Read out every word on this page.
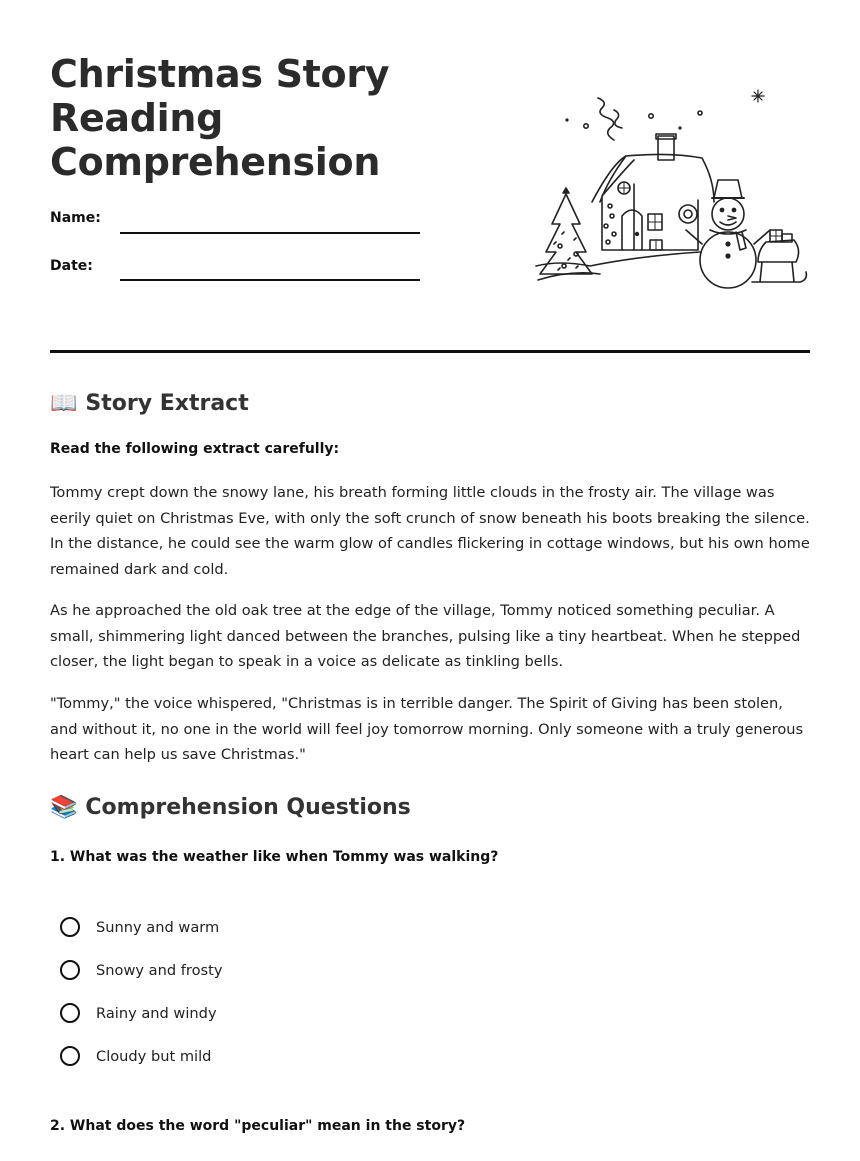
Christmas Story Reading Comprehension
Name:
Date:
📖 Story Extract
Read the following extract carefully:

Tommy crept down the snowy lane, his breath forming little clouds in the frosty air. The village was eerily quiet on Christmas Eve, with only the soft crunch of snow beneath his boots breaking the silence. In the distance, he could see the warm glow of candles flickering in cottage windows, but his own home remained dark and cold.

As he approached the old oak tree at the edge of the village, Tommy noticed something peculiar. A small, shimmering light danced between the branches, pulsing like a tiny heartbeat. When he stepped closer, the light began to speak in a voice as delicate as tinkling bells.

"Tommy," the voice whispered, "Christmas is in terrible danger. The Spirit of Giving has been stolen, and without it, no one in the world will feel joy tomorrow morning. Only someone with a truly generous heart can help us save Christmas."

📚 Comprehension Questions
1. What was the weather like when Tommy was walking?
Sunny and warm
Snowy and frosty
Rainy and windy
Cloudy but mild
2. What does the word "peculiar" mean in the story?
